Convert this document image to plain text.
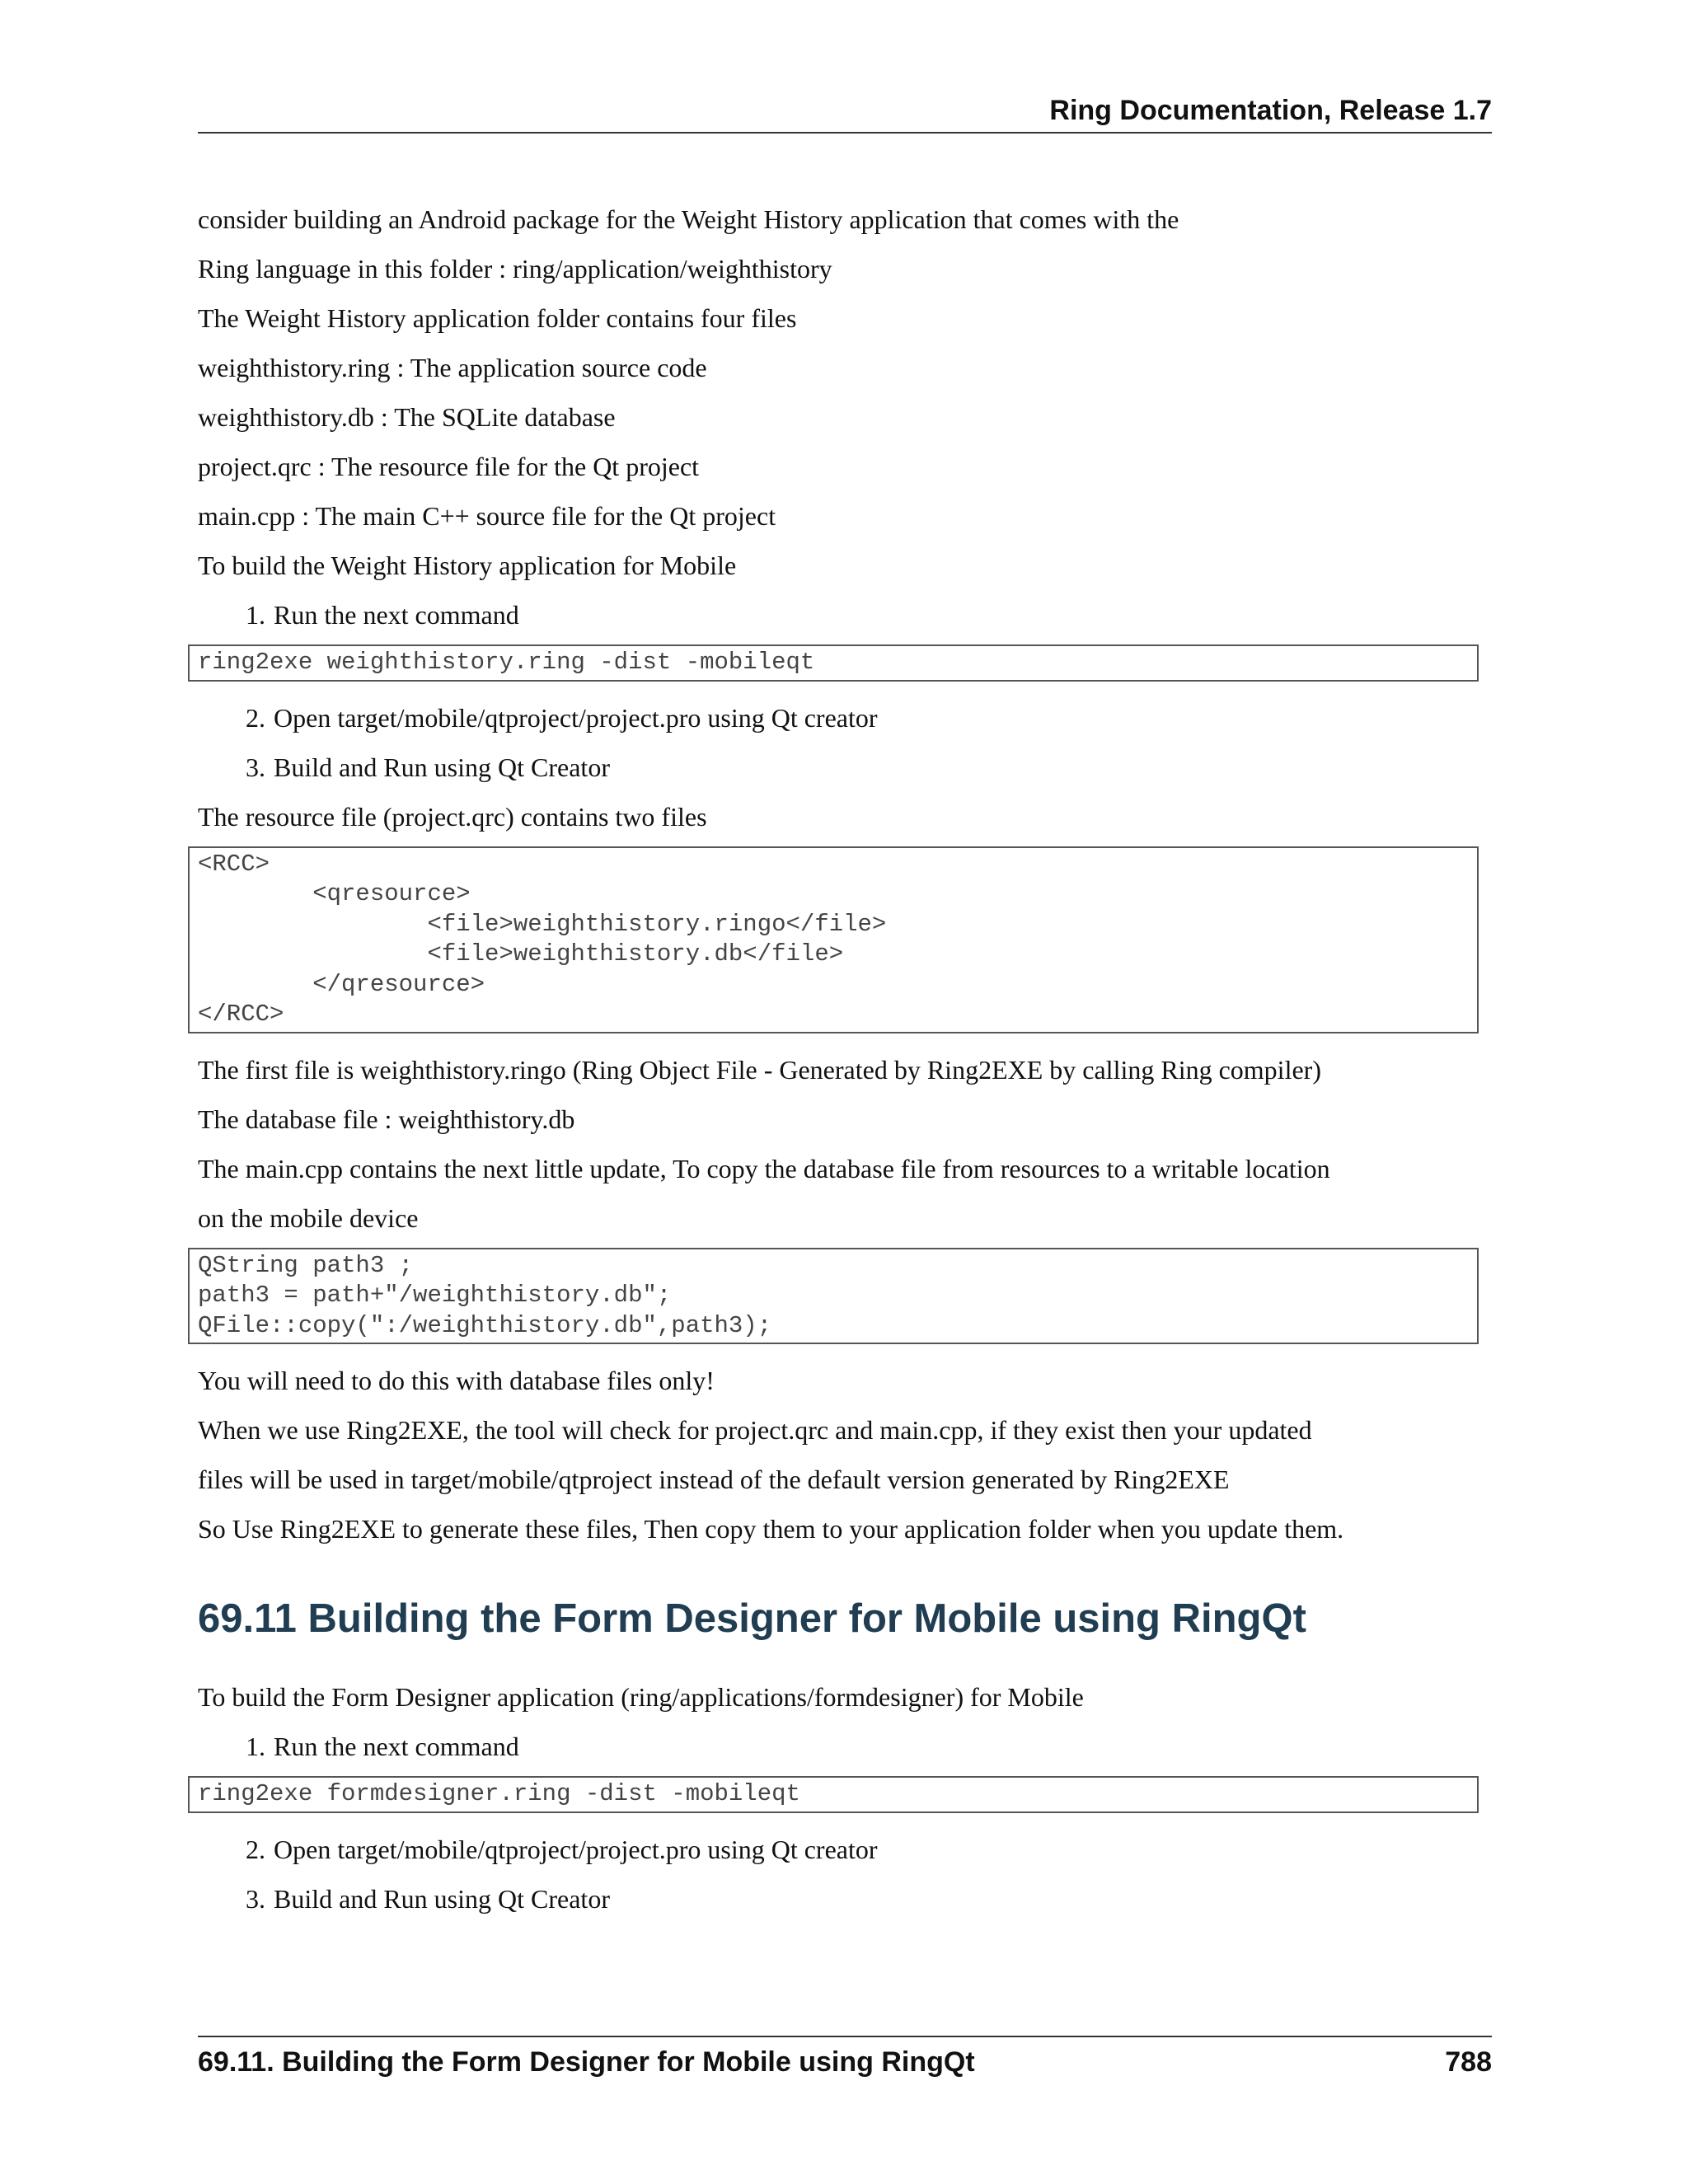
Ring Documentation, Release 1.7

consider building an Android package for the Weight History application that comes with the

Ring language in this folder : ring/application/weighthistory

The Weight History application folder contains four files

weighthistory.ring : The application source code

weighthistory.db : The SQLite database

project.qrc : The resource file for the Qt project

main.cpp : The main C++ source file for the Qt project

To build the Weight History application for Mobile

1. Run the next command
ring2exe weighthistory.ring -dist -mobileqt
2. Open target/mobile/qtproject/project.pro using Qt creator
3. Build and Run using Qt Creator

The resource file (project.qrc) contains two files

<RCC>
<qresource>
<file>weighthistory.ringo</file>
<file>weighthistory.db</file>
</qresource>
</RCC>

The first file is weighthistory.ringo (Ring Object File - Generated by Ring2EXE by calling Ring compiler)

The database file : weighthistory.db

The main.cpp contains the next little update, To copy the database file from resources to a writable location

on the mobile device

QString path3 ;
path3 = path+"/weighthistory.db";
QFile::copy(":/weighthistory.db",path3);

You will need to do this with database files only!

When we use Ring2EXE, the tool will check for project.qrc and main.cpp, if they exist then your updated

files will be used in target/mobile/qtproject instead of the default version generated by Ring2EXE

So Use Ring2EXE to generate these files, Then copy them to your application folder when you update them.

69.11 Building the Form Designer for Mobile using RingQt

To build the Form Designer application (ring/applications/formdesigner) for Mobile

1. Run the next command
ring2exe formdesigner.ring -dist -mobileqt
2. Open target/mobile/qtproject/project.pro using Qt creator
3. Build and Run using Qt Creator
69.11. Building the Form Designer for Mobile using RingQt	788
